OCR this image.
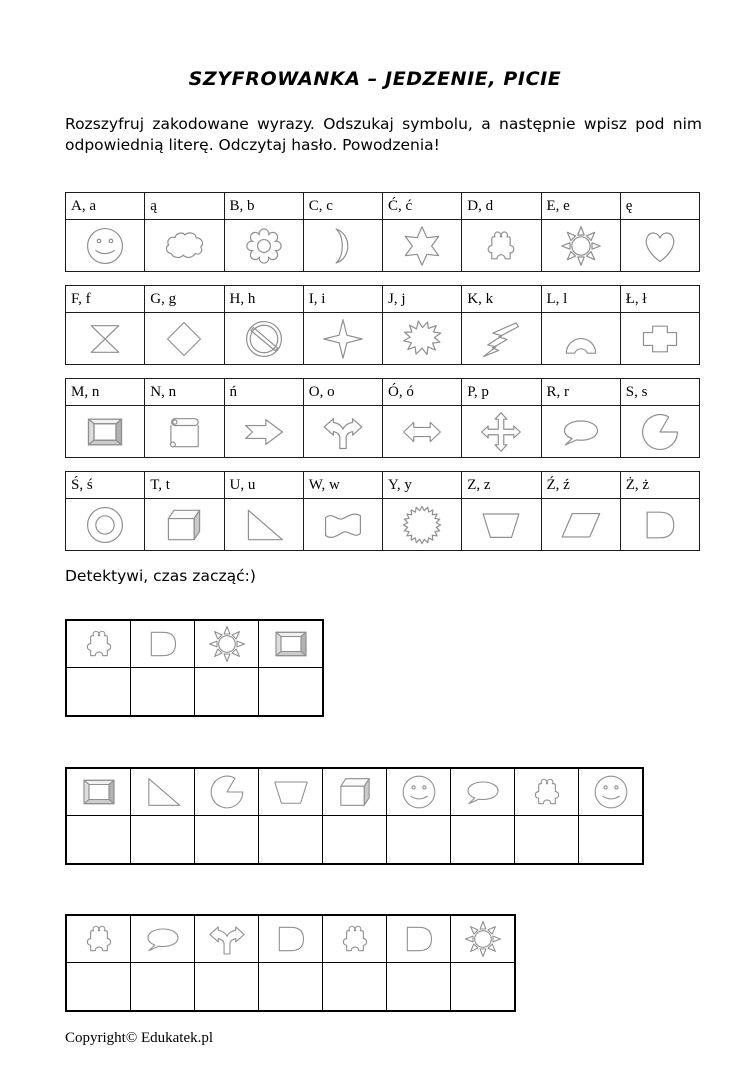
SZYFROWANKA – JEDZENIE, PICIE

Rozszyfruj zakodowane wyrazy. Odszukaj symbolu, a następnie wpisz pod nim odpowiednią literę. Odczytaj hasło. Powodzenia!

A, a	ą	B, b	C, c	Ć, ć	D, d	E, e	ę

F, f	G, g	H, h	I, i	J, j	K, k	L, l	Ł, ł

M, n	N, n	ń	O, o	Ó, ó	P, p	R, r	S, s

Ś, ś	T, t	U, u	W, w	Y, y	Z, z	Ź, ź	Ż, ż

Detektywi, czas zacząć:)

Copyright© Edukatek.pl
